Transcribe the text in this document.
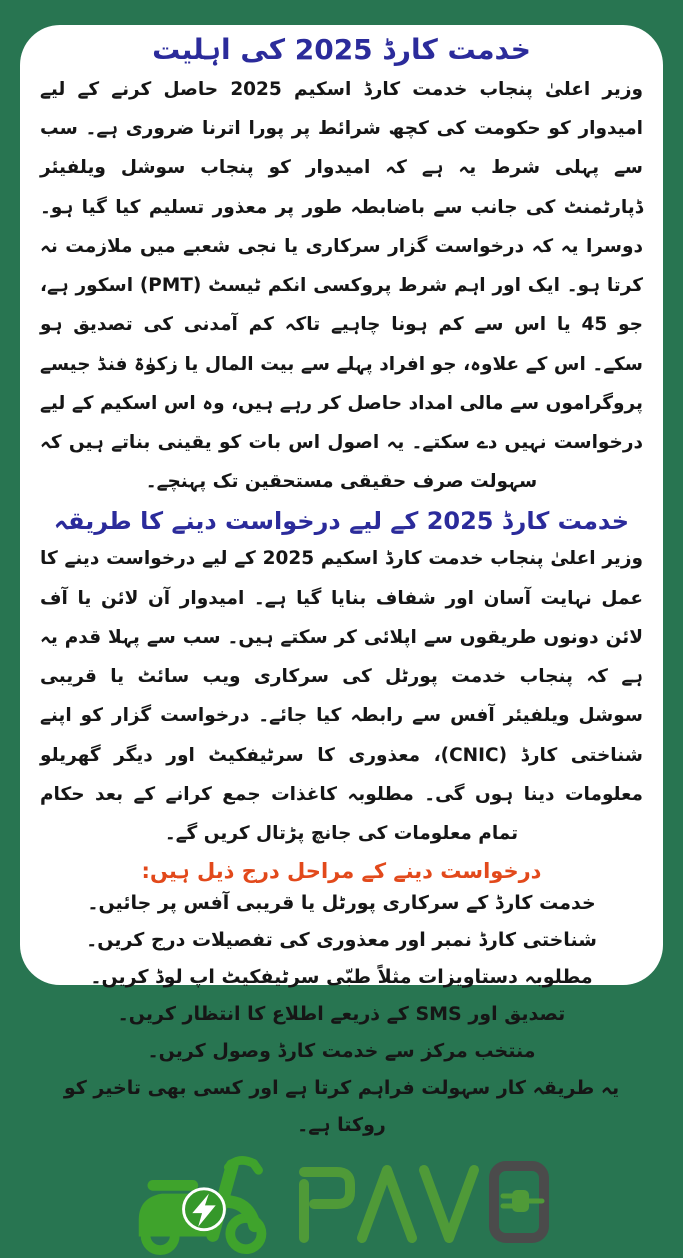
خدمت کارڈ 2025 کی اہلیت

وزیر اعلیٰ پنجاب خدمت کارڈ اسکیم 2025 حاصل کرنے کے لیے امیدوار کو حکومت کی کچھ شرائط پر پورا اترنا ضروری ہے۔ سب سے پہلی شرط یہ ہے کہ امیدوار کو پنجاب سوشل ویلفیئر ڈپارٹمنٹ کی جانب سے باضابطہ طور پر معذور تسلیم کیا گیا ہو۔ دوسرا یہ کہ درخواست گزار سرکاری یا نجی شعبے میں ملازمت نہ کرتا ہو۔ ایک اور اہم شرط پروکسی انکم ٹیسٹ (PMT) اسکور ہے، جو 45 یا اس سے کم ہونا چاہیے تاکہ کم آمدنی کی تصدیق ہو سکے۔ اس کے علاوہ، جو افراد پہلے سے بیت المال یا زکوٰۃ فنڈ جیسے پروگراموں سے مالی امداد حاصل کر رہے ہیں، وہ اس اسکیم کے لیے درخواست نہیں دے سکتے۔ یہ اصول اس بات کو یقینی بناتے ہیں کہ سہولت صرف حقیقی مستحقین تک پہنچے۔

خدمت کارڈ 2025 کے لیے درخواست دینے کا طریقہ

وزیر اعلیٰ پنجاب خدمت کارڈ اسکیم 2025 کے لیے درخواست دینے کا عمل نہایت آسان اور شفاف بنایا گیا ہے۔ امیدوار آن لائن یا آف لائن دونوں طریقوں سے اپلائی کر سکتے ہیں۔ سب سے پہلا قدم یہ ہے کہ پنجاب خدمت پورٹل کی سرکاری ویب سائٹ یا قریبی سوشل ویلفیئر آفس سے رابطہ کیا جائے۔ درخواست گزار کو اپنے شناختی کارڈ (CNIC)، معذوری کا سرٹیفکیٹ اور دیگر گھریلو معلومات دینا ہوں گی۔ مطلوبہ کاغذات جمع کرانے کے بعد حکام تمام معلومات کی جانچ پڑتال کریں گے۔

درخواست دینے کے مراحل درج ذیل ہیں:
خدمت کارڈ کے سرکاری پورٹل یا قریبی آفس پر جائیں۔
شناختی کارڈ نمبر اور معذوری کی تفصیلات درج کریں۔
مطلوبہ دستاویزات مثلاً طبّی سرٹیفکیٹ اپ لوڈ کریں۔
تصدیق اور SMS کے ذریعے اطلاع کا انتظار کریں۔
منتخب مرکز سے خدمت کارڈ وصول کریں۔
یہ طریقہ کار سہولت فراہم کرتا ہے اور کسی بھی تاخیر کو روکتا ہے۔
